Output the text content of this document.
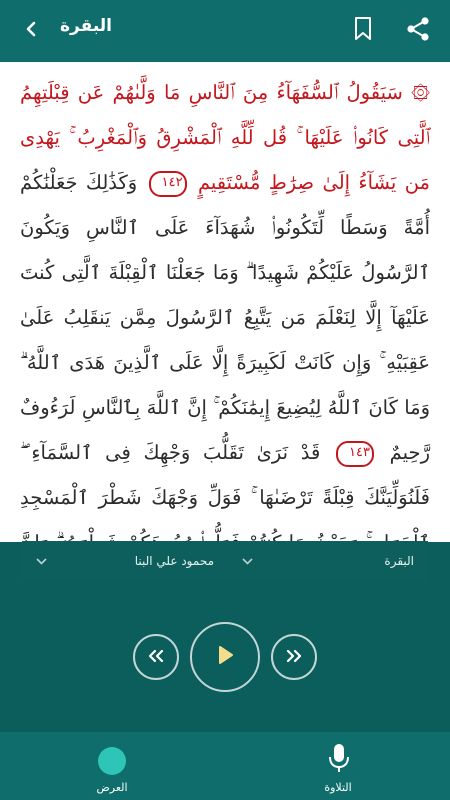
البقرة
۞ سَيَقُولُ ٱلسُّفَهَآءُ مِنَ ٱلنَّاسِ مَا وَلَّىٰهُمْ عَن قِبْلَتِهِمُ ٱلَّتِى كَانُوا۟ عَلَيْهَا ۚ قُل لِّلَّهِ ٱلْمَشْرِقُ وَٱلْمَغْرِبُ ۚ يَهْدِى مَن يَشَآءُ إِلَىٰ صِرَٰطٍ مُّسْتَقِيمٍ ١٤٢ وَكَذَٰلِكَ جَعَلْنَٰكُمْ أُمَّةً وَسَطًا لِّتَكُونُوا۟ شُهَدَآءَ عَلَى ٱلنَّاسِ وَيَكُونَ ٱلرَّسُولُ عَلَيْكُمْ شَهِيدًا ۗ وَمَا جَعَلْنَا ٱلْقِبْلَةَ ٱلَّتِى كُنتَ عَلَيْهَآ إِلَّا لِنَعْلَمَ مَن يَتَّبِعُ ٱلرَّسُولَ مِمَّن يَنقَلِبُ عَلَىٰ عَقِبَيْهِ ۚ وَإِن كَانَتْ لَكَبِيرَةً إِلَّا عَلَى ٱلَّذِينَ هَدَى ٱللَّهُ ۗ وَمَا كَانَ ٱللَّهُ لِيُضِيعَ إِيمَٰنَكُمْ ۚ إِنَّ ٱللَّهَ بِٱلنَّاسِ لَرَءُوفٌ رَّحِيمٌ ١٤٣ قَدْ نَرَىٰ تَقَلُّبَ وَجْهِكَ فِى ٱلسَّمَآءِ ۖ فَلَنُوَلِّيَنَّكَ قِبْلَةً تَرْضَىٰهَا ۚ فَوَلِّ وَجْهَكَ شَطْرَ ٱلْمَسْجِدِ
البقرة
محمود علي البنا
العرض	التلاوة
